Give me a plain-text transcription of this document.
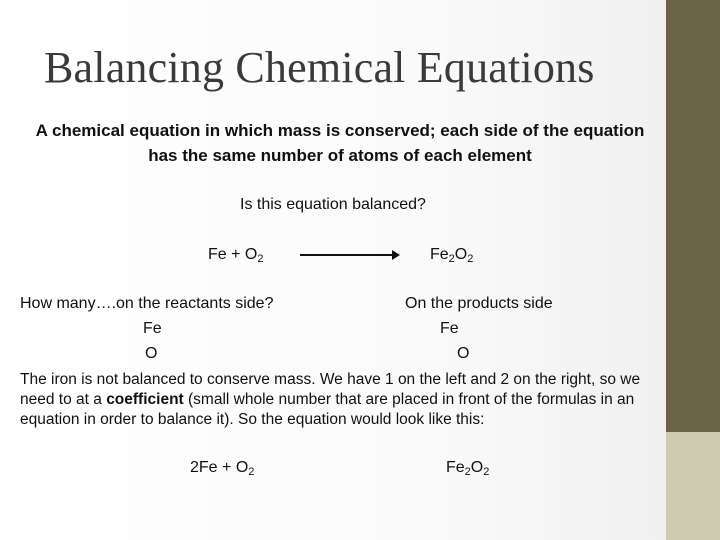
Balancing Chemical Equations
A chemical equation in which mass is conserved; each side of the equation has the same number of atoms of each element
Is this equation balanced?
$Fe + O_2$	$Fe_2O_2$
How many….on the reactants side?	On the products side
Fe	Fe
O	O

The iron is not balanced to conserve mass. We have 1 on the left and 2 on the right, so we need to at a coefficient (small whole number that are placed in front of the formulas in an equation in order to balance it). So the equation would look like this:

$2Fe + O_2$	$Fe_2O_2$
